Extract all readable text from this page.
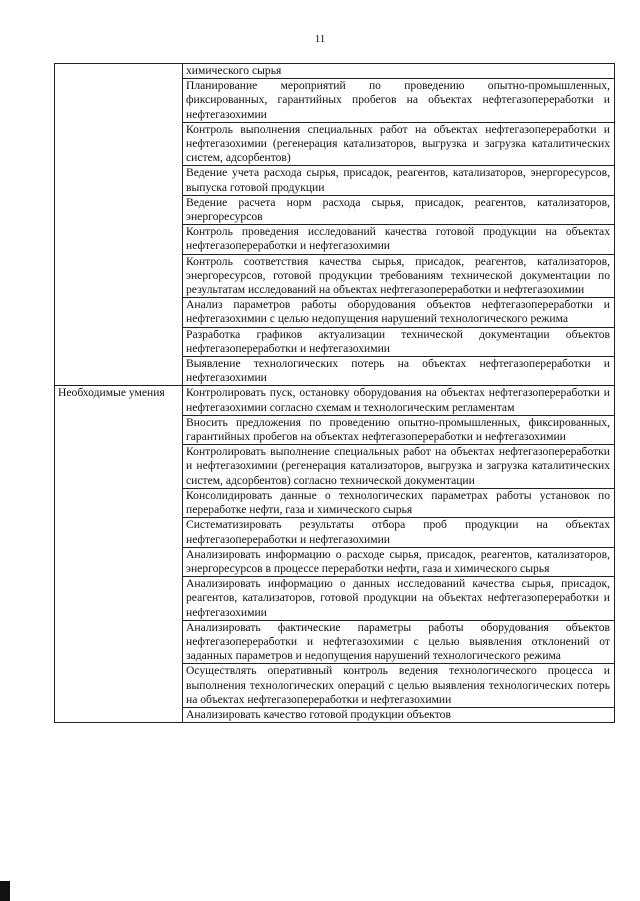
11

	химического сырья

	Планирование мероприятий по проведению опытно-промышленных, фиксированных, гарантийных пробегов на объектах нефтегазопереработки и нефтегазохимии

	Контроль выполнения специальных работ на объектах нефтегазопереработки и нефтегазохимии (регенерация катализаторов, выгрузка и загрузка каталитических систем, адсорбентов)

	Ведение учета расхода сырья, присадок, реагентов, катализаторов, энергоресурсов, выпуска готовой продукции

	Ведение расчета норм расхода сырья, присадок, реагентов, катализаторов, энергоресурсов

	Контроль проведения исследований качества готовой продукции на объектах нефтегазопереработки и нефтегазохимии

	Контроль соответствия качества сырья, присадок, реагентов, катализаторов, энергоресурсов, готовой продукции требованиям технической документации по результатам исследований на объектах нефтегазопереработки и нефтегазохимии

	Анализ параметров работы оборудования объектов нефтегазопереработки и нефтегазохимии с целью недопущения нарушений технологического режима

	Разработка графиков актуализации технической документации объектов нефтегазопереработки и нефтегазохимии

	Выявление технологических потерь на объектах нефтегазопереработки и нефтегазохимии

Необходимые умения	Контролировать пуск, остановку оборудования на объектах нефтегазопереработки и нефтегазохимии согласно схемам и технологическим регламентам

	Вносить предложения по проведению опытно-промышленных, фиксированных, гарантийных пробегов на объектах нефтегазопереработки и нефтегазохимии

	Контролировать выполнение специальных работ на объектах нефтегазопереработки и нефтегазохимии (регенерация катализаторов, выгрузка и загрузка каталитических систем, адсорбентов) согласно технической документации

	Консолидировать данные о технологических параметрах работы установок по переработке нефти, газа и химического сырья

	Систематизировать результаты отбора проб продукции на объектах нефтегазопереработки и нефтегазохимии

	Анализировать информацию о расходе сырья, присадок, реагентов, катализаторов, энергоресурсов в процессе переработки нефти, газа и химического сырья

	Анализировать информацию о данных исследований качества сырья, присадок, реагентов, катализаторов, готовой продукции на объектах нефтегазопереработки и нефтегазохимии

	Анализировать фактические параметры работы оборудования объектов нефтегазопереработки и нефтегазохимии с целью выявления отклонений от заданных параметров и недопущения нарушений технологического режима

	Осуществлять оперативный контроль ведения технологического процесса и выполнения технологических операций с целью выявления технологических потерь на объектах нефтегазопереработки и нефтегазохимии

	Анализировать качество готовой продукции объектов
